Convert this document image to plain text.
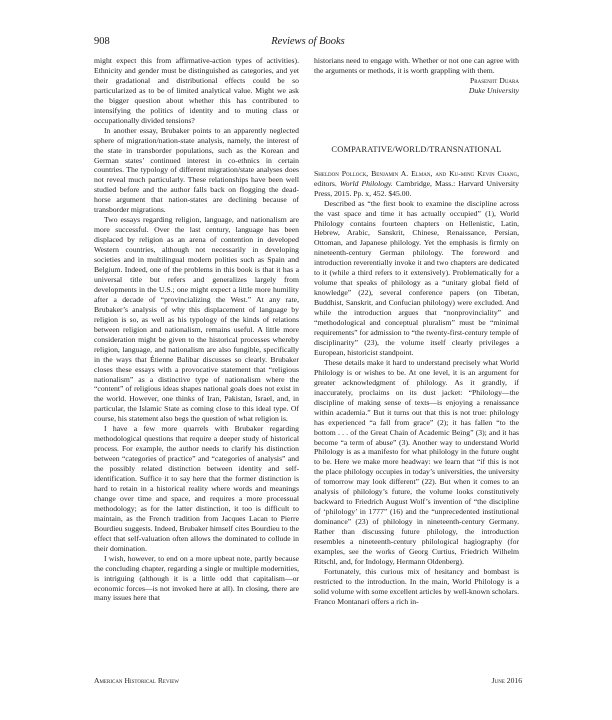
908	Reviews of Books

might expect this from affirmative-action types of activities). Ethnicity and gender must be distinguished as categories, and yet their gradational and distributional effects could be so particularized as to be of limited analytical value. Might we ask the bigger question about whether this has contributed to intensifying the politics of identity and to muting class or occupationally divided tensions?

In another essay, Brubaker points to an apparently neglected sphere of migration/nation-state analysis, namely, the interest of the state in transborder populations, such as the Korean and German states’ continued interest in co-ethnics in certain countries. The typology of different migration/state analyses does not reveal much particularly. These relationships have been well studied before and the author falls back on flogging the dead-horse argument that nation-states are declining because of transborder migrations.

Two essays regarding religion, language, and nationalism are more successful. Over the last century, language has been displaced by religion as an arena of contention in developed Western countries, although not necessarily in developing societies and in multilingual modern polities such as Spain and Belgium. Indeed, one of the problems in this book is that it has a universal title but refers and generalizes largely from developments in the U.S.; one might expect a little more humility after a decade of “provincializing the West.” At any rate, Brubaker’s analysis of why this displacement of language by religion is so, as well as his typology of the kinds of relations between religion and nationalism, remains useful. A little more consideration might be given to the historical processes whereby religion, language, and nationalism are also fungible, specifically in the ways that Étienne Balibar discusses so clearly. Brubaker closes these essays with a provocative statement that “religious nationalism” as a distinctive type of nationalism where the “content” of religious ideas shapes national goals does not exist in the world. However, one thinks of Iran, Pakistan, Israel, and, in particular, the Islamic State as coming close to this ideal type. Of course, his statement also begs the question of what religion is.

I have a few more quarrels with Brubaker regarding methodological questions that require a deeper study of historical process. For example, the author needs to clarify his distinction between “categories of practice” and “categories of analysis” and the possibly related distinction between identity and self-identification. Suffice it to say here that the former distinction is hard to retain in a historical reality where words and meanings change over time and space, and requires a more processual methodology; as for the latter distinction, it too is difficult to maintain, as the French tradition from Jacques Lacan to Pierre Bourdieu suggests. Indeed, Brubaker himself cites Bourdieu to the effect that self-valuation often allows the dominated to collude in their domination.

I wish, however, to end on a more upbeat note, partly because the concluding chapter, regarding a single or multiple modernities, is intriguing (although it is a little odd that capitalism—or economic forces—is not invoked here at all). In closing, there are many issues here that

historians need to engage with. Whether or not one can agree with the arguments or methods, it is worth grappling with them.

Prasenjit Duara

Duke University

COMPARATIVE/WORLD/TRANSNATIONAL

Sheldon Pollock, Benjamin A. Elman, and Ku-ming Kevin Chang, editors. World Philology. Cambridge, Mass.: Harvard University Press, 2015. Pp. x, 452. $45.00.

Described as “the first book to examine the discipline across the vast space and time it has actually occupied” (1), World Philology contains fourteen chapters on Hellenistic, Latin, Hebrew, Arabic, Sanskrit, Chinese, Renaissance, Persian, Ottoman, and Japanese philology. Yet the emphasis is firmly on nineteenth-century German philology. The foreword and introduction reverentially invoke it and two chapters are dedicated to it (while a third refers to it extensively). Problematically for a volume that speaks of philology as a “unitary global field of knowledge” (22), several conference papers (on Tibetan, Buddhist, Sanskrit, and Confucian philology) were excluded. And while the introduction argues that “nonprovinciality” and “methodological and conceptual pluralism” must be “minimal requirements” for admission to “the twenty-first-century temple of disciplinarity” (23), the volume itself clearly privileges a European, historicist standpoint.

These details make it hard to understand precisely what World Philology is or wishes to be. At one level, it is an argument for greater acknowledgment of philology. As it grandly, if inaccurately, proclaims on its dust jacket: “Philology—the discipline of making sense of texts—is enjoying a renaissance within academia.” But it turns out that this is not true: philology has experienced “a fall from grace” (2); it has fallen “to the bottom . . . of the Great Chain of Academic Being” (3); and it has become “a term of abuse” (3). Another way to understand World Philology is as a manifesto for what philology in the future ought to be. Here we make more headway: we learn that “if this is not the place philology occupies in today’s universities, the university of tomorrow may look different” (22). But when it comes to an analysis of philology’s future, the volume looks constitutively backward to Friedrich August Wolf’s invention of “the discipline of ‘philology’ in 1777” (16) and the “unprecedented institutional dominance” (23) of philology in nineteenth-century Germany. Rather than discussing future philology, the introduction resembles a nineteenth-century philological hagiography (for examples, see the works of Georg Curtius, Friedrich Wilhelm Ritschl, and, for Indology, Hermann Oldenberg).

Fortunately, this curious mix of hesitancy and bombast is restricted to the introduction. In the main, World Philology is a solid volume with some excellent articles by well-known scholars. Franco Montanari offers a rich in-

American Historical Review	June 2016
